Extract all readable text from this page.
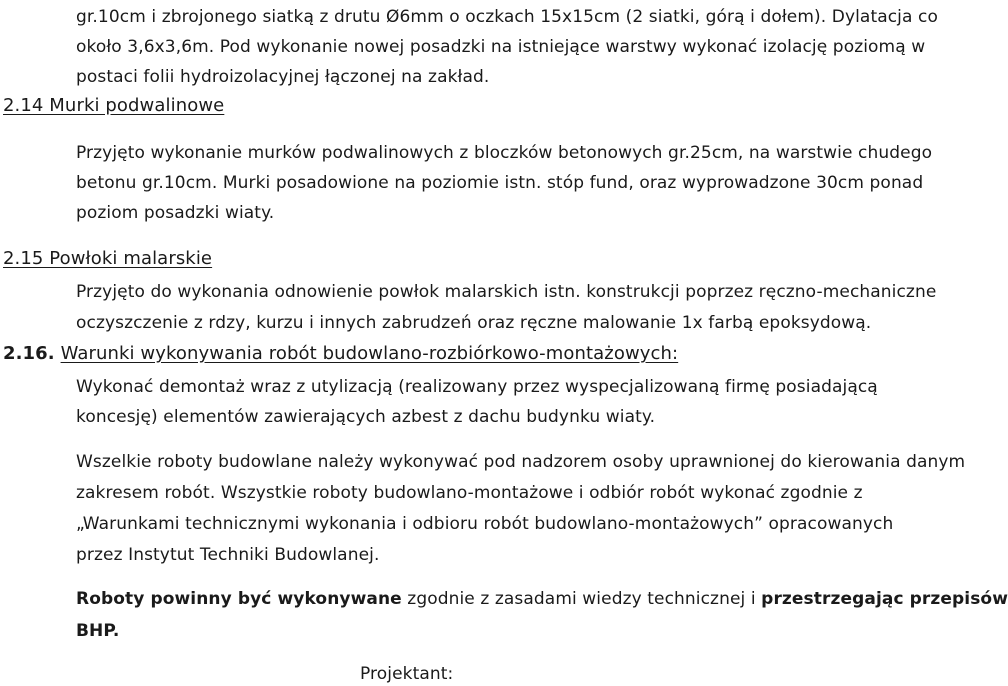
gr.10cm i zbrojonego siatką z drutu Ø6mm o oczkach 15x15cm (2 siatki, górą i dołem). Dylatacja co
około 3,6x3,6m. Pod wykonanie nowej posadzki na istniejące warstwy wykonać izolację poziomą w
postaci folii hydroizolacyjnej łączonej na zakład.
2.14 Murki podwalinowe
Przyjęto wykonanie murków podwalinowych z bloczków betonowych gr.25cm, na warstwie chudego
betonu gr.10cm. Murki posadowione na poziomie istn. stóp fund, oraz wyprowadzone 30cm ponad
poziom posadzki wiaty.
2.15 Powłoki malarskie
Przyjęto do wykonania odnowienie powłok malarskich istn. konstrukcji poprzez ręczno-mechaniczne
oczyszczenie z rdzy, kurzu i innych zabrudzeń oraz ręczne malowanie 1x farbą epoksydową.
2.16. Warunki wykonywania robót budowlano-rozbiórkowo-montażowych:
Wykonać demontaż wraz z utylizacją (realizowany przez wyspecjalizowaną firmę posiadającą
koncesję) elementów zawierających azbest z dachu budynku wiaty.
Wszelkie roboty budowlane należy wykonywać pod nadzorem osoby uprawnionej do kierowania danym
zakresem robót. Wszystkie roboty budowlano-montażowe i odbiór robót wykonać zgodnie z
„Warunkami technicznymi wykonania i odbioru robót budowlano-montażowych” opracowanych
przez Instytut Techniki Budowlanej.
Roboty powinny być wykonywane zgodnie z zasadami wiedzy technicznej i przestrzegając przepisów
BHP.
Projektant:
